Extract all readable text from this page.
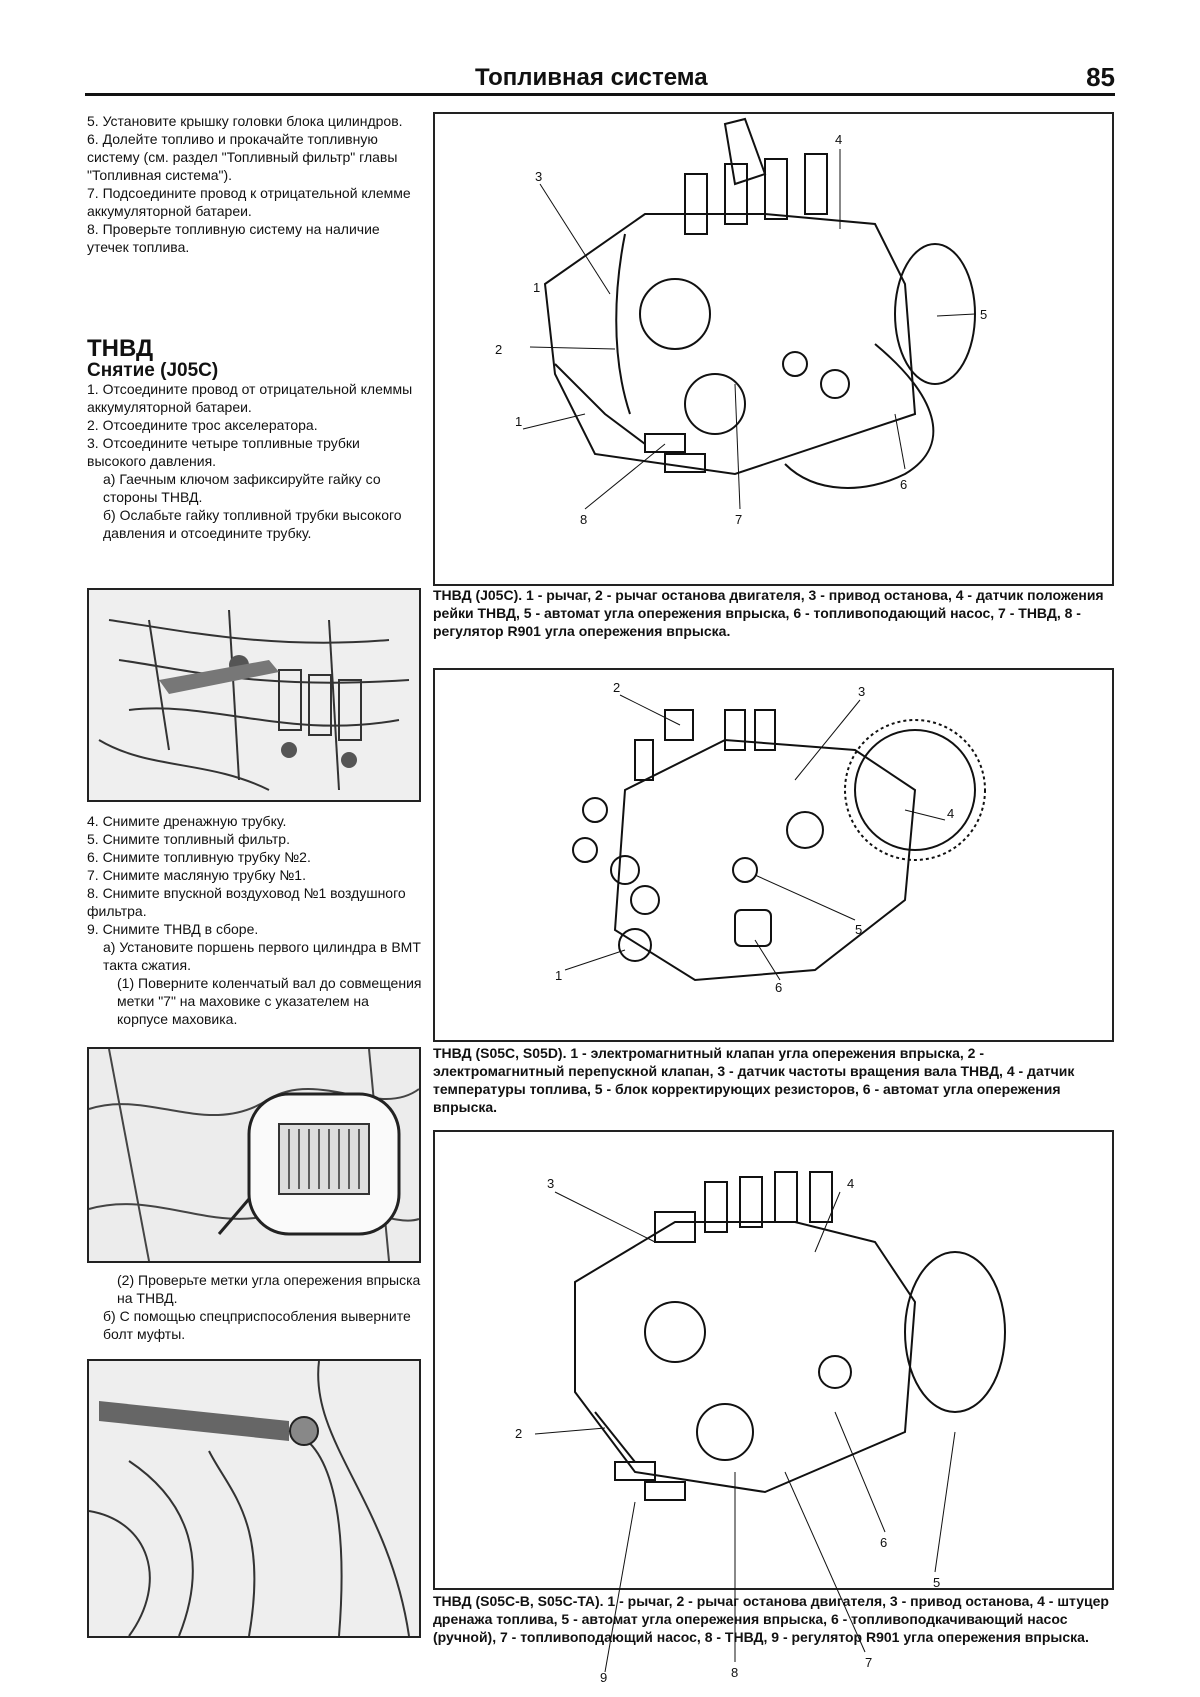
Топливная система	85

5. Установите крышку головки блока цилиндров.

6. Долейте топливо и прокачайте топливную систему (см. раздел "Топливный фильтр" главы "Топливная система").

7. Подсоедините провод к отрицательной клемме аккумуляторной батареи.

8. Проверьте топливную систему на наличие утечек топлива.

ТНВД
Снятие (J05C)

1. Отсоедините провод от отрицательной клеммы аккумуляторной батареи.

2. Отсоедините трос акселератора.

3. Отсоедините четыре топливные трубки высокого давления.

а) Гаечным ключом зафиксируйте гайку со стороны ТНВД.

б) Ослабьте гайку топливной трубки высокого давления и отсоедините трубку.

4. Снимите дренажную трубку.

5. Снимите топливный фильтр.

6. Снимите топливную трубку №2.

7. Снимите масляную трубку №1.

8. Снимите впускной воздуховод №1 воздушного фильтра.

9. Снимите ТНВД в сборе.

а) Установите поршень первого цилиндра в ВМТ такта сжатия.

(1) Поверните коленчатый вал до совмещения метки "7" на маховике с указателем на корпусе маховика.

(2) Проверьте метки угла опережения впрыска на ТНВД.

б) С помощью спецприспособления выверните болт муфты.

1
2
1
3
4
5
6
7
8
ТНВД (J05C). 1 - рычаг, 2 - рычаг останова двигателя, 3 - привод останова, 4 - датчик положения рейки ТНВД, 5 - автомат угла опережения впрыска, 6 - топливоподающий насос, 7 - ТНВД, 8 - регулятор R901 угла опережения впрыска.
2	3
4
5
1
6
ТНВД (S05C, S05D). 1 - электромагнитный клапан угла опережения впрыска, 2 - электромагнитный перепускной клапан, 3 - датчик частоты вращения вала ТНВД, 4 - датчик температуры топлива, 5 - блок корректирующих резисторов, 6 - автомат угла опережения впрыска.
3
2
4
5
6
7
8
9
ТНВД (S05C-B, S05C-TA). 1 - рычаг, 2 - рычаг останова двигателя, 3 - привод останова, 4 - штуцер дренажа топлива, 5 - автомат угла опережения впрыска, 6 - топливоподкачивающий насос (ручной), 7 - топливоподающий насос, 8 - ТНВД, 9 - регулятор R901 угла опережения впрыска.
